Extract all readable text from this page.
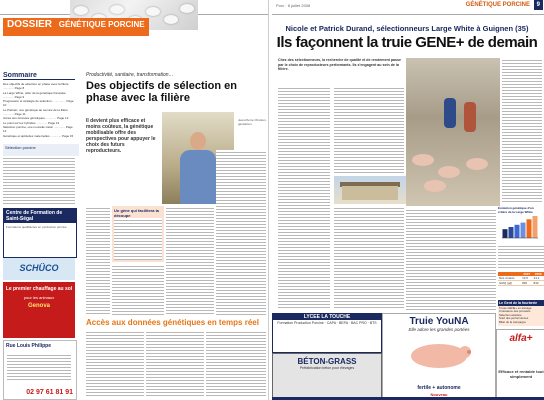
DOSSIER GÉNÉTIQUE PORCINE
Sommaire
Des objectifs de sélection en phase avec la filière ............. Page 8
La Large White, pilier de la génétique française ............. Page 9
Progression et stratégie de sélection... ............. Page 10
Le Piétrain, une génétique au service de la filière ............. Page 11
Accès aux données génétiques ............. Page 12
Le point sur les hybrides ............. Page 13
Sélection porcine, une nouvelle vision ............. Page 14
Génétique et aptitudes maternelles ............. Page 15
Sélection porcine
Centre de Formation de Saint-Ségal
Formations qualifiantes en production porcine
SCHÜCO
Le premier chauffage au sol
pour les animaux
Genova
Rue Louis Philippe
02 97 61 81 91
Productivité, sanitaire, transformation…
Des objectifs de sélection en phase avec la filière
Il devient plus efficace et moins coûteux, la génétique mobilisable offre des perspectives pour appuyer le choix des futurs reproducteurs.
Jean-Pierre Chrétien, généticien
Un gène qui facilitera la découpe
Accès aux données génétiques en temps réel
Porc · 8 juillet 2008	GÉNÉTIQUE PORCINE	9
Nicole et Patrick Durand, sélectionneurs Large White à Guignen (35)
Ils façonnent la truie GENE+ de demain
Chez des sélectionneurs, la recherche de qualité et de rendement passe par le choix de reproducteurs performants. Ils s'engagent au sein de la filière.
Évolution génétique d'un critère de la Large White
	2007	2008
Nés vivants	13,5	14,1
GMQ (g/j)	826	842
Le Gent de la fourberie
Truies GENE+ en élevage
Croissance des porcelets
Sélection assistée
Suivi des performances
Bilan de la campagne
LYCÉE LA TOUCHE
Formation Production Porcine · CAPA · BEPA · BAC PRO · BTS
BÉTON-GRASS
Préfabrication béton pour élevages
Truie YouNA
Elle adore les grandes portées
fertile + autonome
Nouveau
alfa+
Efficace et rentable tout simplement
